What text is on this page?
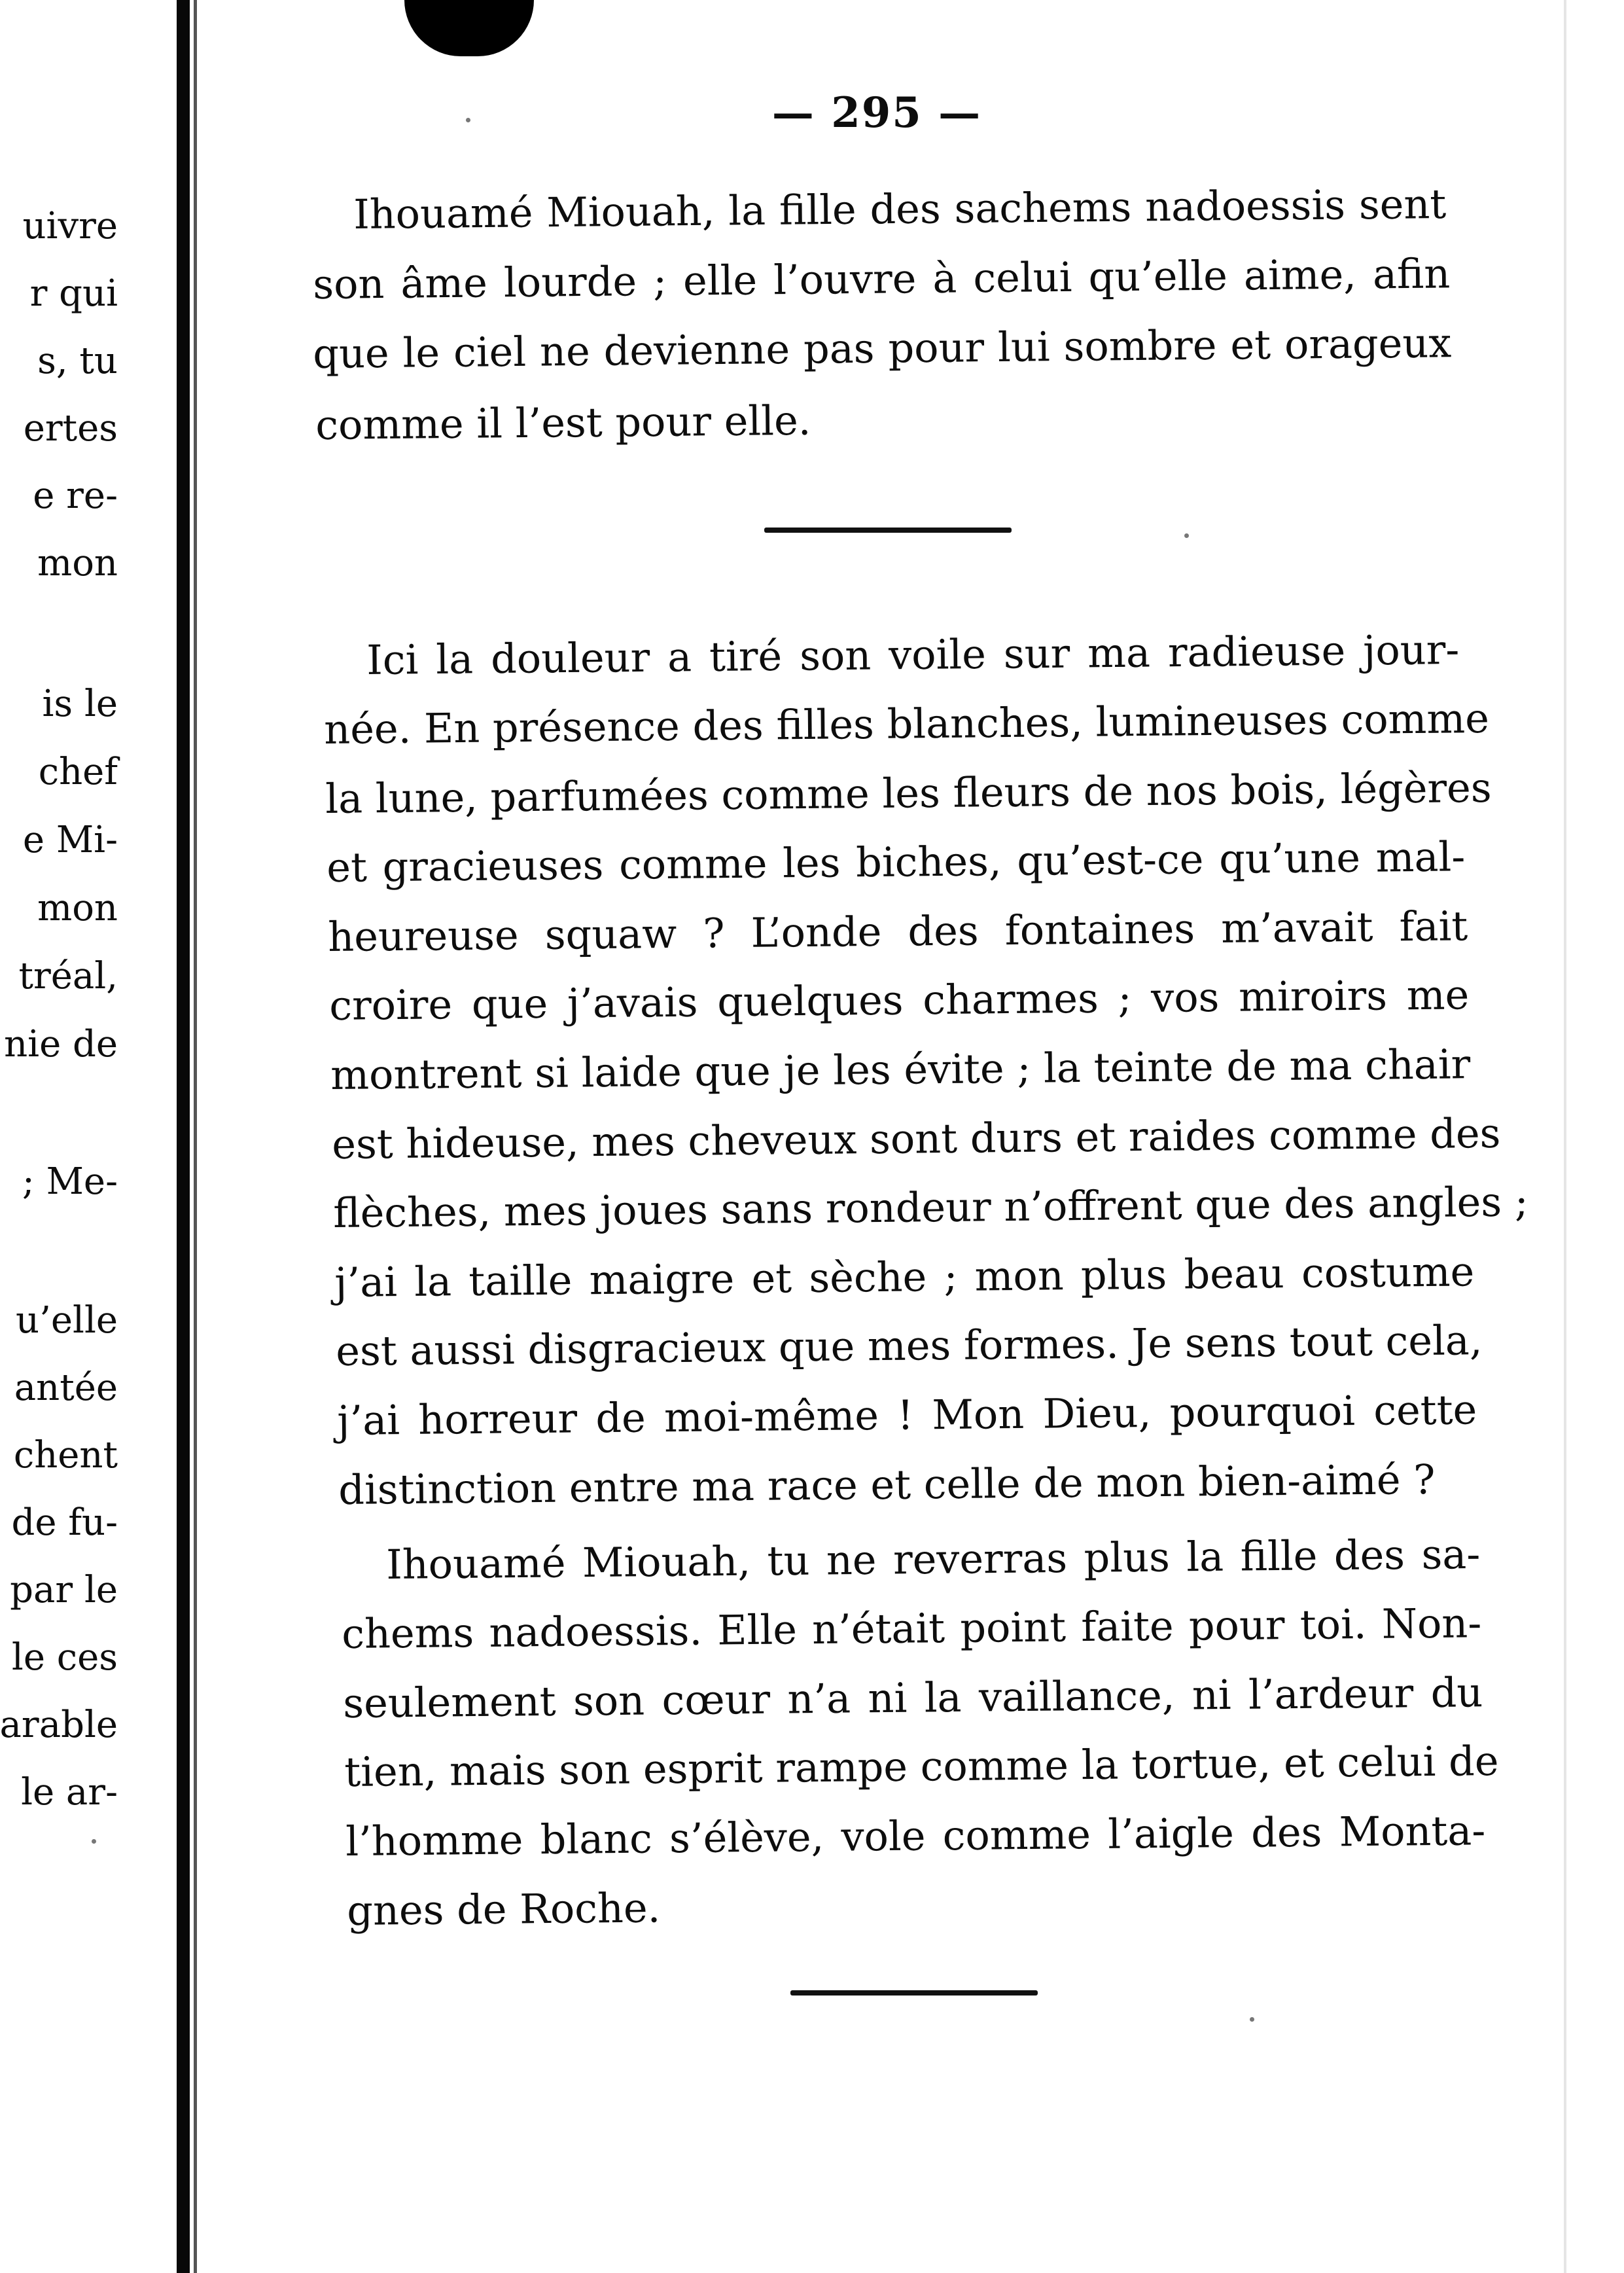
uivre
r qui
s, tu
ertes
e re-
mon
is le
chef
e Mi-
mon
tréal,
nie de
; Me-
u’elle
antée
chent
de fu-
par le
le ces
arable
le ar-
— 295 —
Ihouamé Miouah, la fille des sachems nadoessis sent
son âme lourde ; elle l’ouvre à celui qu’elle aime, afin
que le ciel ne devienne pas pour lui sombre et orageux
comme il l’est pour elle.
Ici la douleur a tiré son voile sur ma radieuse jour-
née. En présence des filles blanches, lumineuses comme
la lune, parfumées comme les fleurs de nos bois, légères
et gracieuses comme les biches, qu’est-ce qu’une mal-
heureuse squaw ? L’onde des fontaines m’avait fait
croire que j’avais quelques charmes ; vos miroirs me
montrent si laide que je les évite ; la teinte de ma chair
est hideuse, mes cheveux sont durs et raides comme des
flèches, mes joues sans rondeur n’offrent que des angles ;
j’ai la taille maigre et sèche ; mon plus beau costume
est aussi disgracieux que mes formes. Je sens tout cela,
j’ai horreur de moi-même ! Mon Dieu, pourquoi cette
distinction entre ma race et celle de mon bien-aimé ?
Ihouamé Miouah, tu ne reverras plus la fille des sa-
chems nadoessis. Elle n’était point faite pour toi. Non-
seulement son cœur n’a ni la vaillance, ni l’ardeur du
tien, mais son esprit rampe comme la tortue, et celui de
l’homme blanc s’élève, vole comme l’aigle des Monta-
gnes de Roche.
